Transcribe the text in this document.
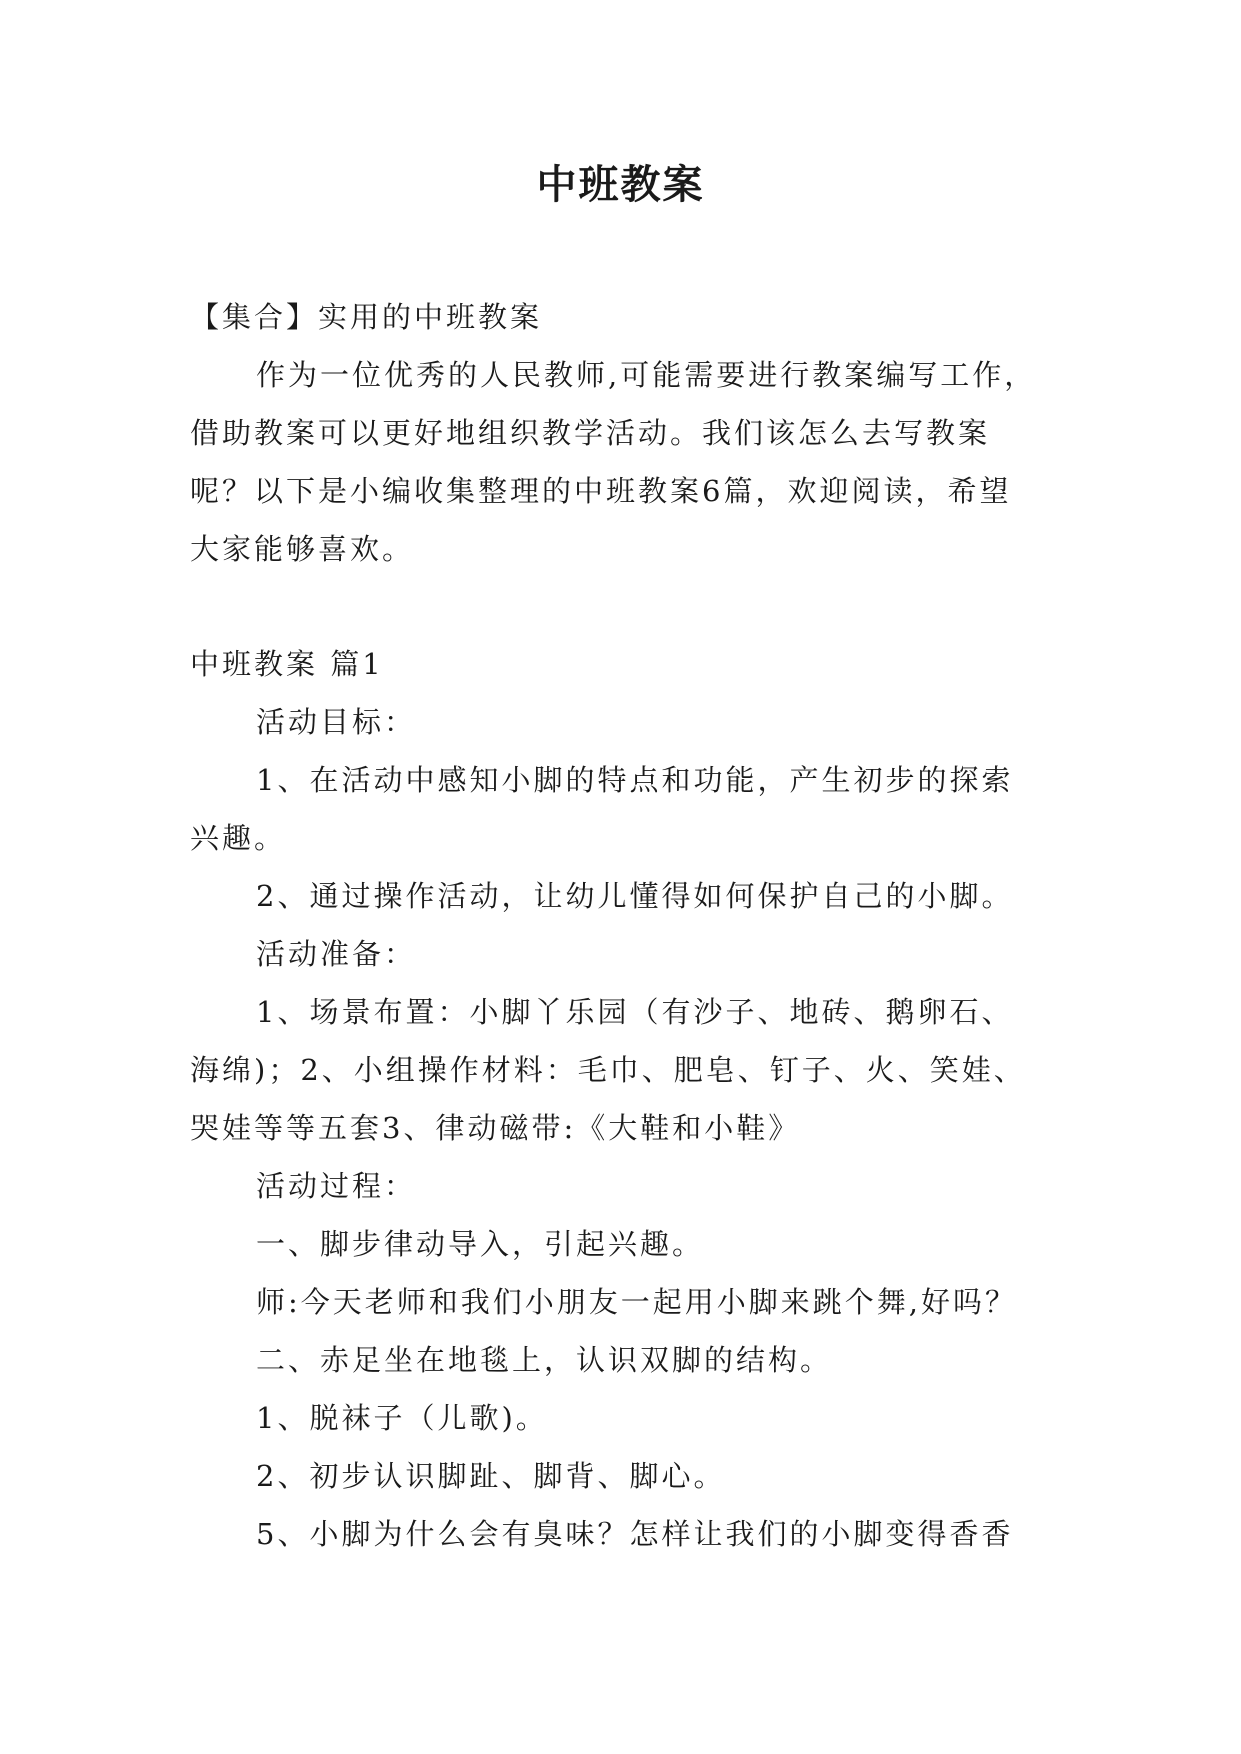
中班教案

【集合】实用的中班教案

作为一位优秀的人民教师,可能需要进行教案编写工作，

借助教案可以更好地组织教学活动。我们该怎么去写教案

呢？以下是小编收集整理的中班教案6篇，欢迎阅读，希望

大家能够喜欢。

中班教案 篇1

活动目标：

1、在活动中感知小脚的特点和功能，产生初步的探索

兴趣。

2、通过操作活动，让幼儿懂得如何保护自己的小脚。

活动准备：

1、场景布置：小脚丫乐园（有沙子、地砖、鹅卵石、

海绵)；2、小组操作材料：毛巾、肥皂、钉子、火、笑娃、

哭娃等等五套3、律动磁带:《大鞋和小鞋》

活动过程：

一、脚步律动导入，引起兴趣。

师:今天老师和我们小朋友一起用小脚来跳个舞,好吗？

二、赤足坐在地毯上，认识双脚的结构。

1、脱袜子（儿歌)。

2、初步认识脚趾、脚背、脚心。

5、小脚为什么会有臭味？怎样让我们的小脚变得香香
